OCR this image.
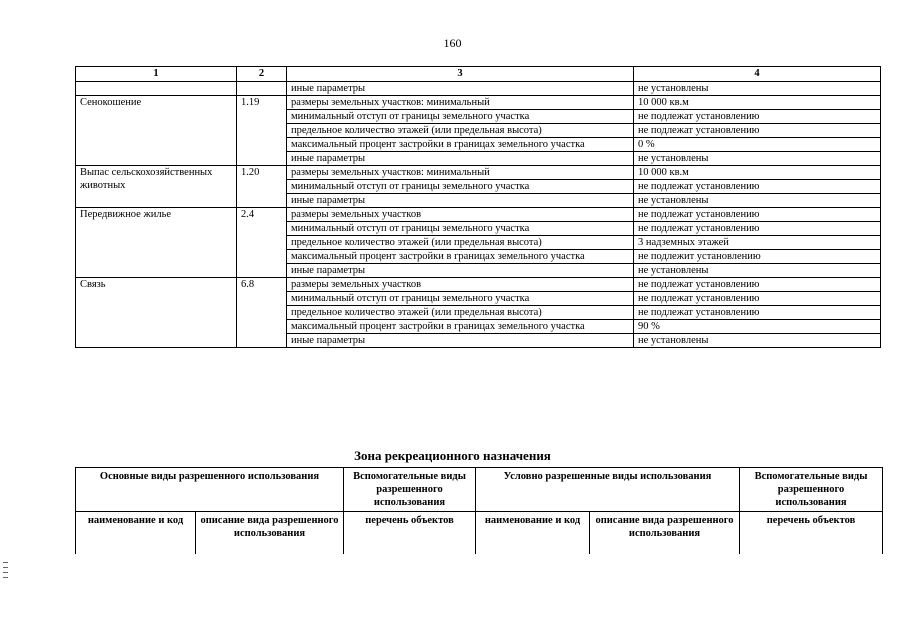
160
1	2	3	4
		иные параметры	не установлены
Сенокошение	1.19	размеры земельных участков: минимальный	10 000 кв.м
		минимальный отступ от границы земельного участка	не подлежат установлению
		предельное количество этажей (или предельная высота)	не подлежат установлению
		максимальный процент застройки в границах земельного участка	0 %
		иные параметры	не установлены
Выпас сельскохозяйственных животных	1.20	размеры земельных участков: минимальный	10 000 кв.м
		минимальный отступ от границы земельного участка	не подлежат установлению
		иные параметры	не установлены
Передвижное жилье	2.4	размеры земельных участков	не подлежат установлению
		минимальный отступ от границы земельного участка	не подлежат установлению
		предельное количество этажей (или предельная высота)	3 надземных этажей
		максимальный процент застройки в границах земельного участка	не подлежит установлению
		иные параметры	не установлены
Связь	6.8	размеры земельных участков	не подлежат установлению
		минимальный отступ от границы земельного участка	не подлежат установлению
		предельное количество этажей (или предельная высота)	не подлежат установлению
		максимальный процент застройки в границах земельного участка	90 %
		иные параметры	не установлены
Зона рекреационного назначения
Основные виды разрешенного использования		Вспомогательные виды разрешенного использования	Условно разрешенные виды использования		Вспомогательные виды разрешенного использования
наименование и код	описание вида разрешенного использования	перечень объектов	наименование и код	описание вида разрешенного использования	перечень объектов
